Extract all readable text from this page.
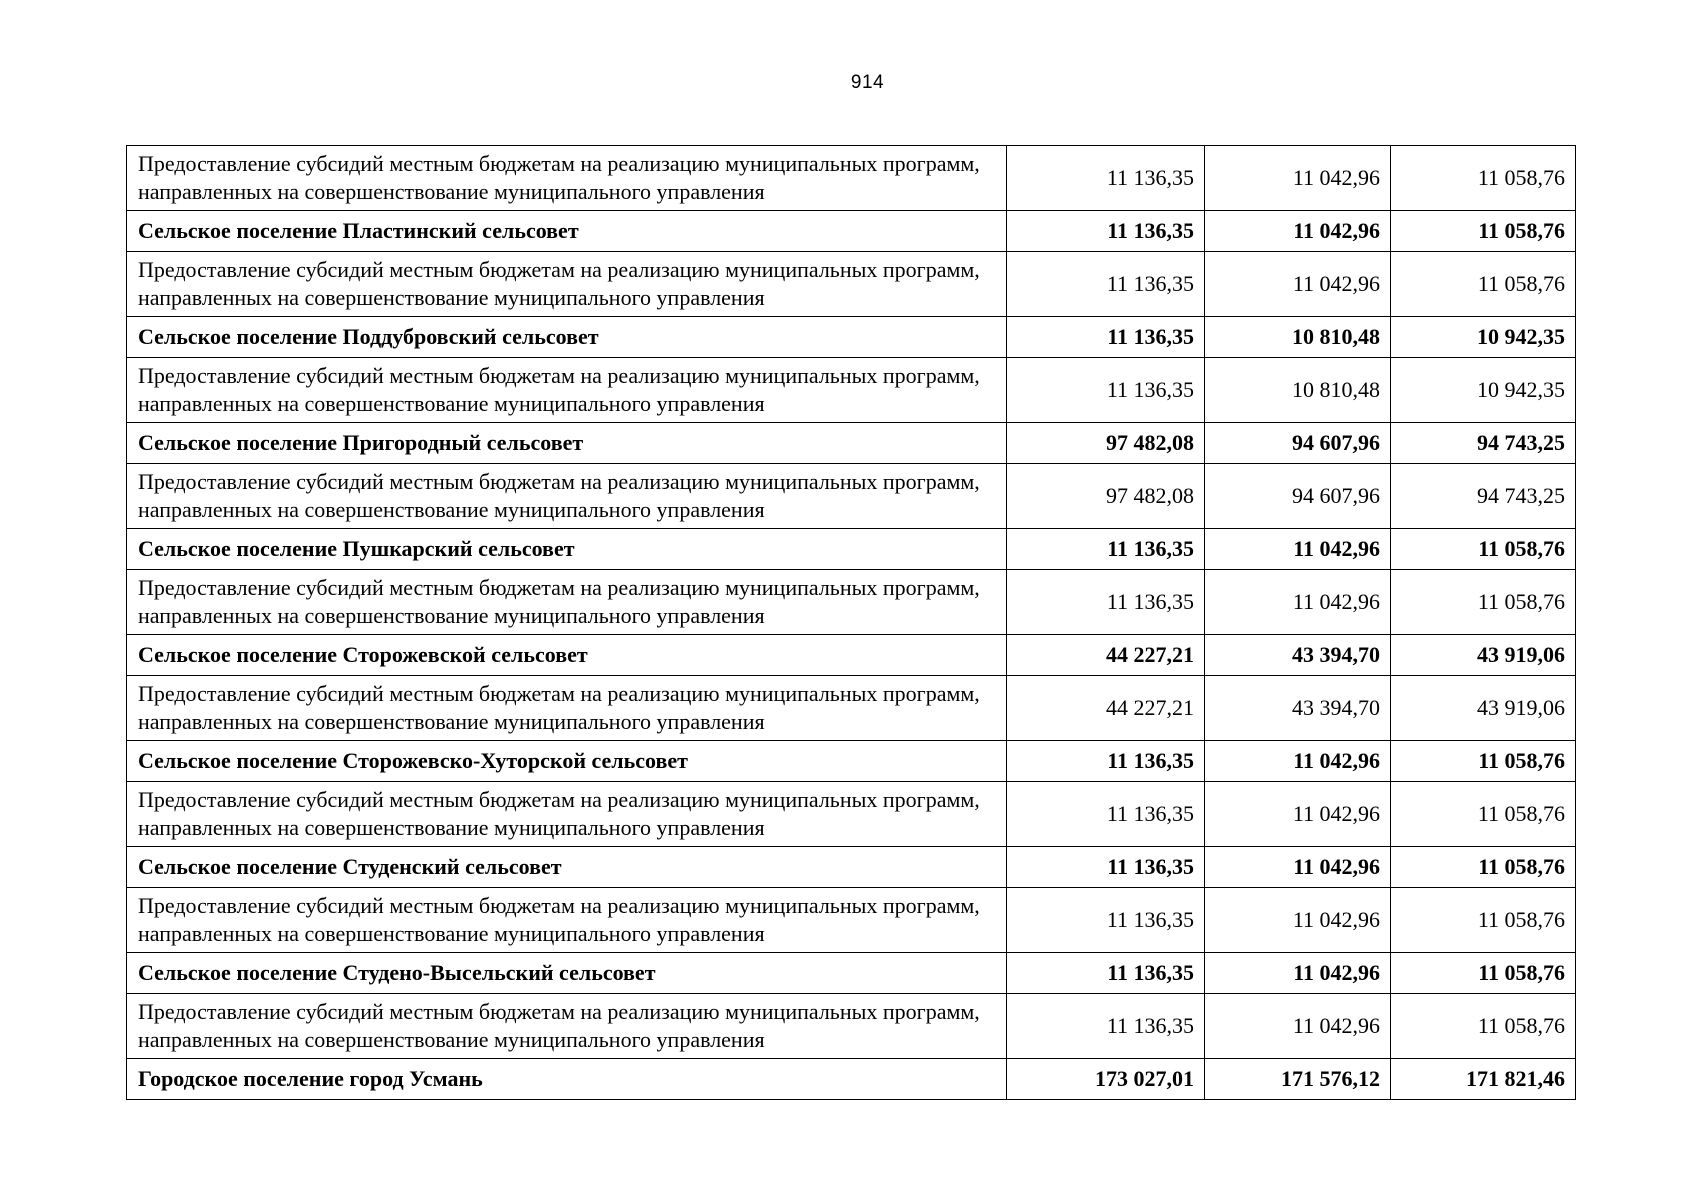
914
Предоставление субсидий местным бюджетам на реализацию муниципальных программ, направленных на совершенствование муниципального управления	11 136,35	11 042,96	11 058,76
Сельское поселение Пластинский сельсовет	11 136,35	11 042,96	11 058,76
Предоставление субсидий местным бюджетам на реализацию муниципальных программ, направленных на совершенствование муниципального управления	11 136,35	11 042,96	11 058,76
Сельское поселение Поддубровский сельсовет	11 136,35	10 810,48	10 942,35
Предоставление субсидий местным бюджетам на реализацию муниципальных программ, направленных на совершенствование муниципального управления	11 136,35	10 810,48	10 942,35
Сельское поселение Пригородный сельсовет	97 482,08	94 607,96	94 743,25
Предоставление субсидий местным бюджетам на реализацию муниципальных программ, направленных на совершенствование муниципального управления	97 482,08	94 607,96	94 743,25
Сельское поселение Пушкарский сельсовет	11 136,35	11 042,96	11 058,76
Предоставление субсидий местным бюджетам на реализацию муниципальных программ, направленных на совершенствование муниципального управления	11 136,35	11 042,96	11 058,76
Сельское поселение Сторожевской сельсовет	44 227,21	43 394,70	43 919,06
Предоставление субсидий местным бюджетам на реализацию муниципальных программ, направленных на совершенствование муниципального управления	44 227,21	43 394,70	43 919,06
Сельское поселение Сторожевско-Хуторской сельсовет	11 136,35	11 042,96	11 058,76
Предоставление субсидий местным бюджетам на реализацию муниципальных программ, направленных на совершенствование муниципального управления	11 136,35	11 042,96	11 058,76
Сельское поселение Студенский сельсовет	11 136,35	11 042,96	11 058,76
Предоставление субсидий местным бюджетам на реализацию муниципальных программ, направленных на совершенствование муниципального управления	11 136,35	11 042,96	11 058,76
Сельское поселение Студено-Высельский сельсовет	11 136,35	11 042,96	11 058,76
Предоставление субсидий местным бюджетам на реализацию муниципальных программ, направленных на совершенствование муниципального управления	11 136,35	11 042,96	11 058,76
Городское поселение город Усмань	173 027,01	171 576,12	171 821,46
